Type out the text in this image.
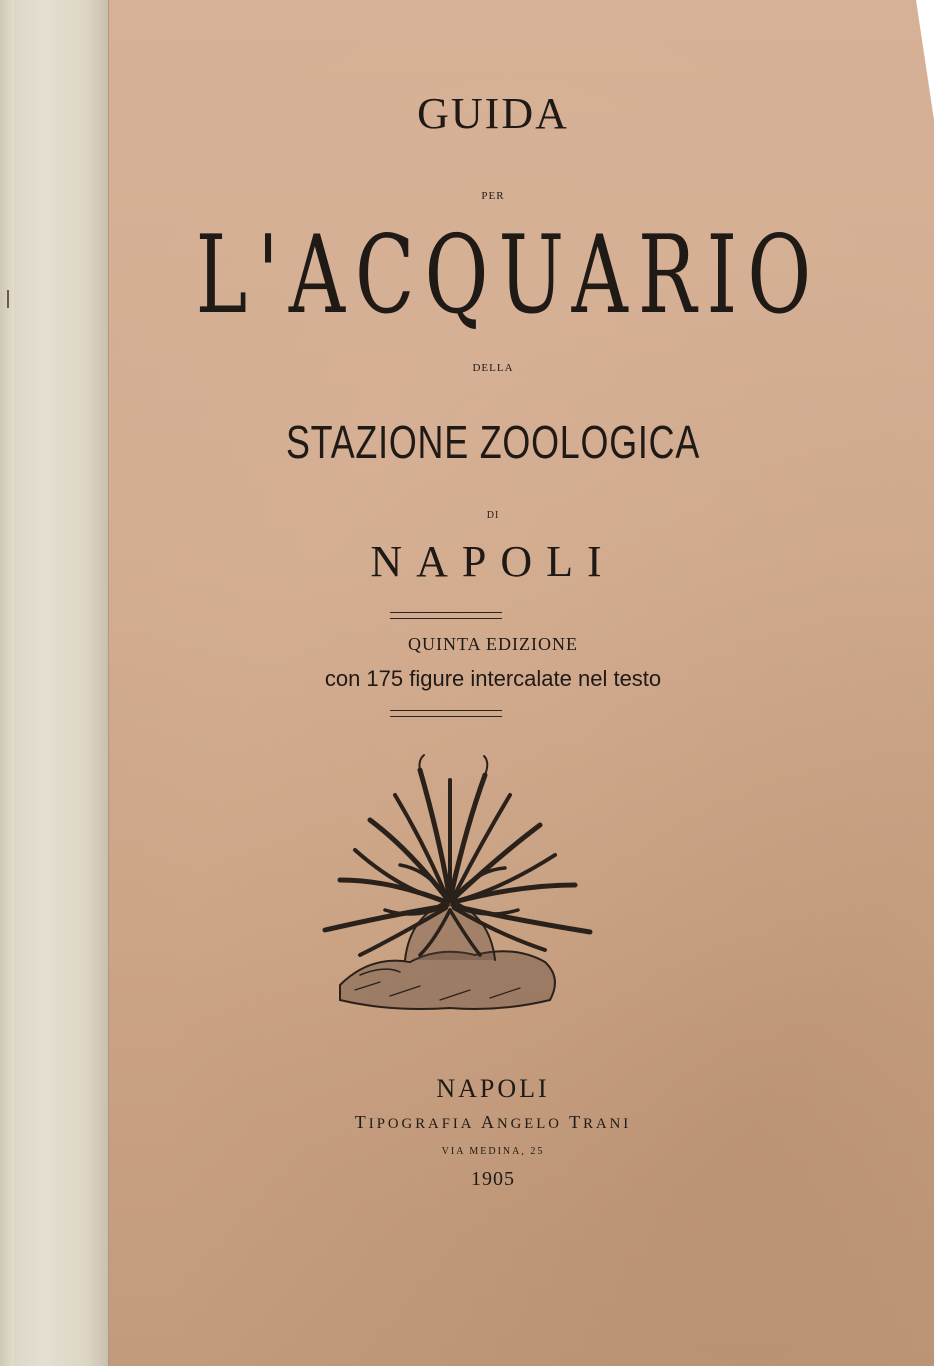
GUIDA
PER
L'ACQUARIO
DELLA
STAZIONE ZOOLOGICA
DI
NAPOLI
QUINTA EDIZIONE
con 175 figure intercalate nel testo
NAPOLI
TIPOGRAFIA ANGELO TRANI
VIA MEDINA, 25
1905
